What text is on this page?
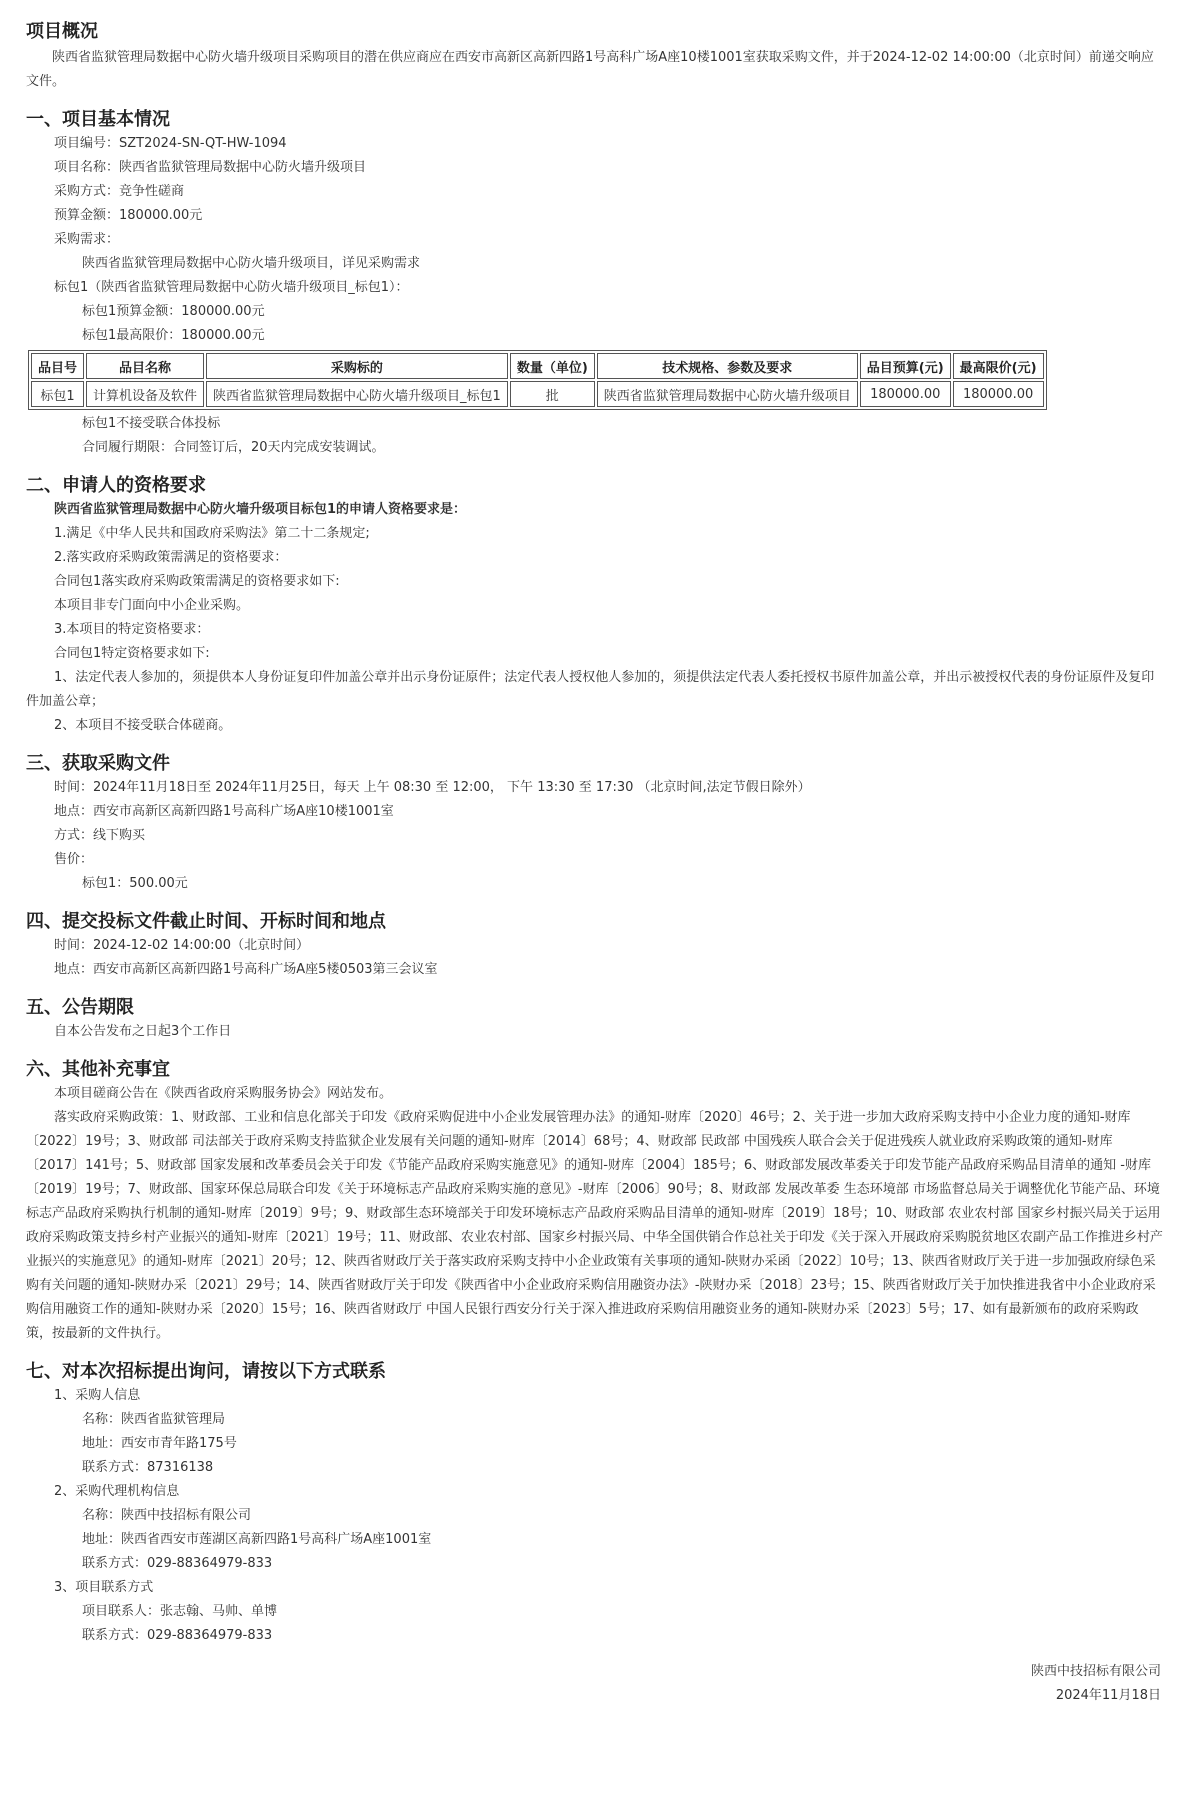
项目概况

陕西省监狱管理局数据中心防火墙升级项目采购项目的潜在供应商应在西安市高新区高新四路1号高科广场A座10楼1001室获取采购文件，并于2024-12-02 14:00:00（北京时间）前递交响应文件。

一、项目基本情况

项目编号：SZT2024-SN-QT-HW-1094

项目名称：陕西省监狱管理局数据中心防火墙升级项目

采购方式：竞争性磋商

预算金额：180000.00元

采购需求：

陕西省监狱管理局数据中心防火墙升级项目，详见采购需求

标包1（陕西省监狱管理局数据中心防火墙升级项目_标包1）：

标包1预算金额：180000.00元

标包1最高限价：180000.00元

品目号	品目名称	采购标的	数量（单位)	技术规格、参数及要求	品目预算(元)	最高限价(元)
标包1	计算机设备及软件	陕西省监狱管理局数据中心防火墙升级项目_标包1	批	陕西省监狱管理局数据中心防火墙升级项目	180000.00	180000.00

标包1不接受联合体投标

合同履行期限：合同签订后，20天内完成安装调试。

二、申请人的资格要求

陕西省监狱管理局数据中心防火墙升级项目标包1的申请人资格要求是：

1.满足《中华人民共和国政府采购法》第二十二条规定;

2.落实政府采购政策需满足的资格要求：

合同包1落实政府采购政策需满足的资格要求如下:

本项目非专门面向中小企业采购。

3.本项目的特定资格要求：

合同包1特定资格要求如下:

1、法定代表人参加的，须提供本人身份证复印件加盖公章并出示身份证原件；法定代表人授权他人参加的，须提供法定代表人委托授权书原件加盖公章，并出示被授权代表的身份证原件及复印件加盖公章；

2、本项目不接受联合体磋商。

三、获取采购文件

时间：2024年11月18日至 2024年11月25日，每天 上午 08:30 至 12:00， 下午 13:30 至 17:30 （北京时间,法定节假日除外）

地点：西安市高新区高新四路1号高科广场A座10楼1001室

方式：线下购买

售价：

标包1：500.00元

四、提交投标文件截止时间、开标时间和地点

时间：2024-12-02 14:00:00（北京时间）

地点：西安市高新区高新四路1号高科广场A座5楼0503第三会议室

五、公告期限

自本公告发布之日起3个工作日

六、其他补充事宜

本项目磋商公告在《陕西省政府采购服务协会》网站发布。

落实政府采购政策：1、财政部、工业和信息化部关于印发《政府采购促进中小企业发展管理办法》的通知-财库〔2020〕46号；2、关于进一步加大政府采购支持中小企业力度的通知-财库〔2022〕19号；3、财政部 司法部关于政府采购支持监狱企业发展有关问题的通知-财库〔2014〕68号；4、财政部 民政部 中国残疾人联合会关于促进残疾人就业政府采购政策的通知-财库〔2017〕141号；5、财政部 国家发展和改革委员会关于印发《节能产品政府采购实施意见》的通知-财库〔2004〕185号；6、财政部发展改革委关于印发节能产品政府采购品目清单的通知 -财库〔2019〕19号；7、财政部、国家环保总局联合印发《关于环境标志产品政府采购实施的意见》-财库〔2006〕90号；8、财政部 发展改革委 生态环境部 市场监督总局关于调整优化节能产品、环境标志产品政府采购执行机制的通知-财库〔2019〕9号；9、财政部生态环境部关于印发环境标志产品政府采购品目清单的通知-财库〔2019〕18号；10、财政部 农业农村部 国家乡村振兴局关于运用政府采购政策支持乡村产业振兴的通知-财库〔2021〕19号；11、财政部、农业农村部、国家乡村振兴局、中华全国供销合作总社关于印发《关于深入开展政府采购脱贫地区农副产品工作推进乡村产业振兴的实施意见》的通知-财库〔2021〕20号；12、陕西省财政厅关于落实政府采购支持中小企业政策有关事项的通知-陕财办采函〔2022〕10号；13、陕西省财政厅关于进一步加强政府绿色采购有关问题的通知-陕财办采〔2021〕29号；14、陕西省财政厅关于印发《陕西省中小企业政府采购信用融资办法》-陕财办采〔2018〕23号；15、陕西省财政厅关于加快推进我省中小企业政府采购信用融资工作的通知-陕财办采〔2020〕15号；16、陕西省财政厅 中国人民银行西安分行关于深入推进政府采购信用融资业务的通知-陕财办采〔2023〕5号；17、如有最新颁布的政府采购政策，按最新的文件执行。

七、对本次招标提出询问，请按以下方式联系

1、采购人信息

名称：陕西省监狱管理局

地址：西安市青年路175号

联系方式：87316138

2、采购代理机构信息

名称：陕西中技招标有限公司

地址：陕西省西安市莲湖区高新四路1号高科广场A座1001室

联系方式：029-88364979-833

3、项目联系方式

项目联系人：张志翰、马帅、单博

联系方式：029-88364979-833

陕西中技招标有限公司

2024年11月18日
